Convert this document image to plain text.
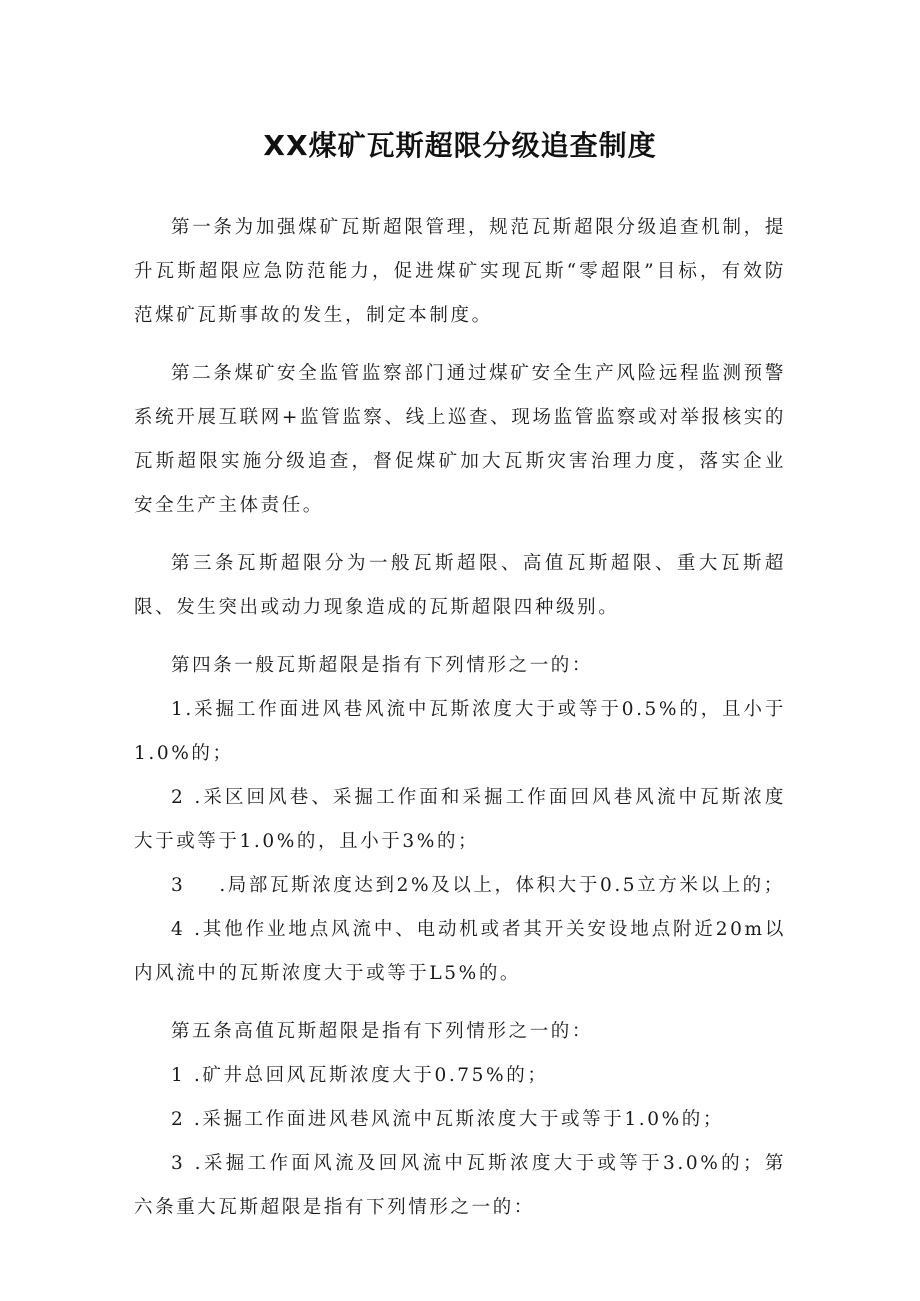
XX煤矿瓦斯超限分级追查制度

第一条为加强煤矿瓦斯超限管理，规范瓦斯超限分级追查机制，提升瓦斯超限应急防范能力，促进煤矿实现瓦斯“零超限”目标，有效防范煤矿瓦斯事故的发生，制定本制度。

第二条煤矿安全监管监察部门通过煤矿安全生产风险远程监测预警系统开展互联网+监管监察、线上巡查、现场监管监察或对举报核实的瓦斯超限实施分级追查，督促煤矿加大瓦斯灾害治理力度，落实企业安全生产主体责任。

第三条瓦斯超限分为一般瓦斯超限、高值瓦斯超限、重大瓦斯超限、发生突出或动力现象造成的瓦斯超限四种级别。

第四条一般瓦斯超限是指有下列情形之一的：

1.采掘工作面进风巷风流中瓦斯浓度大于或等于0.5%的，且小于1.0%的；

2 .采区回风巷、采掘工作面和采掘工作面回风巷风流中瓦斯浓度大于或等于1.0%的，且小于3%的；

3 .局部瓦斯浓度达到2%及以上，体积大于0.5立方米以上的；

4 .其他作业地点风流中、电动机或者其开关安设地点附近20m以内风流中的瓦斯浓度大于或等于L5%的。

第五条高值瓦斯超限是指有下列情形之一的：

1 .矿井总回风瓦斯浓度大于0.75%的；

2 .采掘工作面进风巷风流中瓦斯浓度大于或等于1.0%的；

3 .采掘工作面风流及回风流中瓦斯浓度大于或等于3.0%的；第六条重大瓦斯超限是指有下列情形之一的：
